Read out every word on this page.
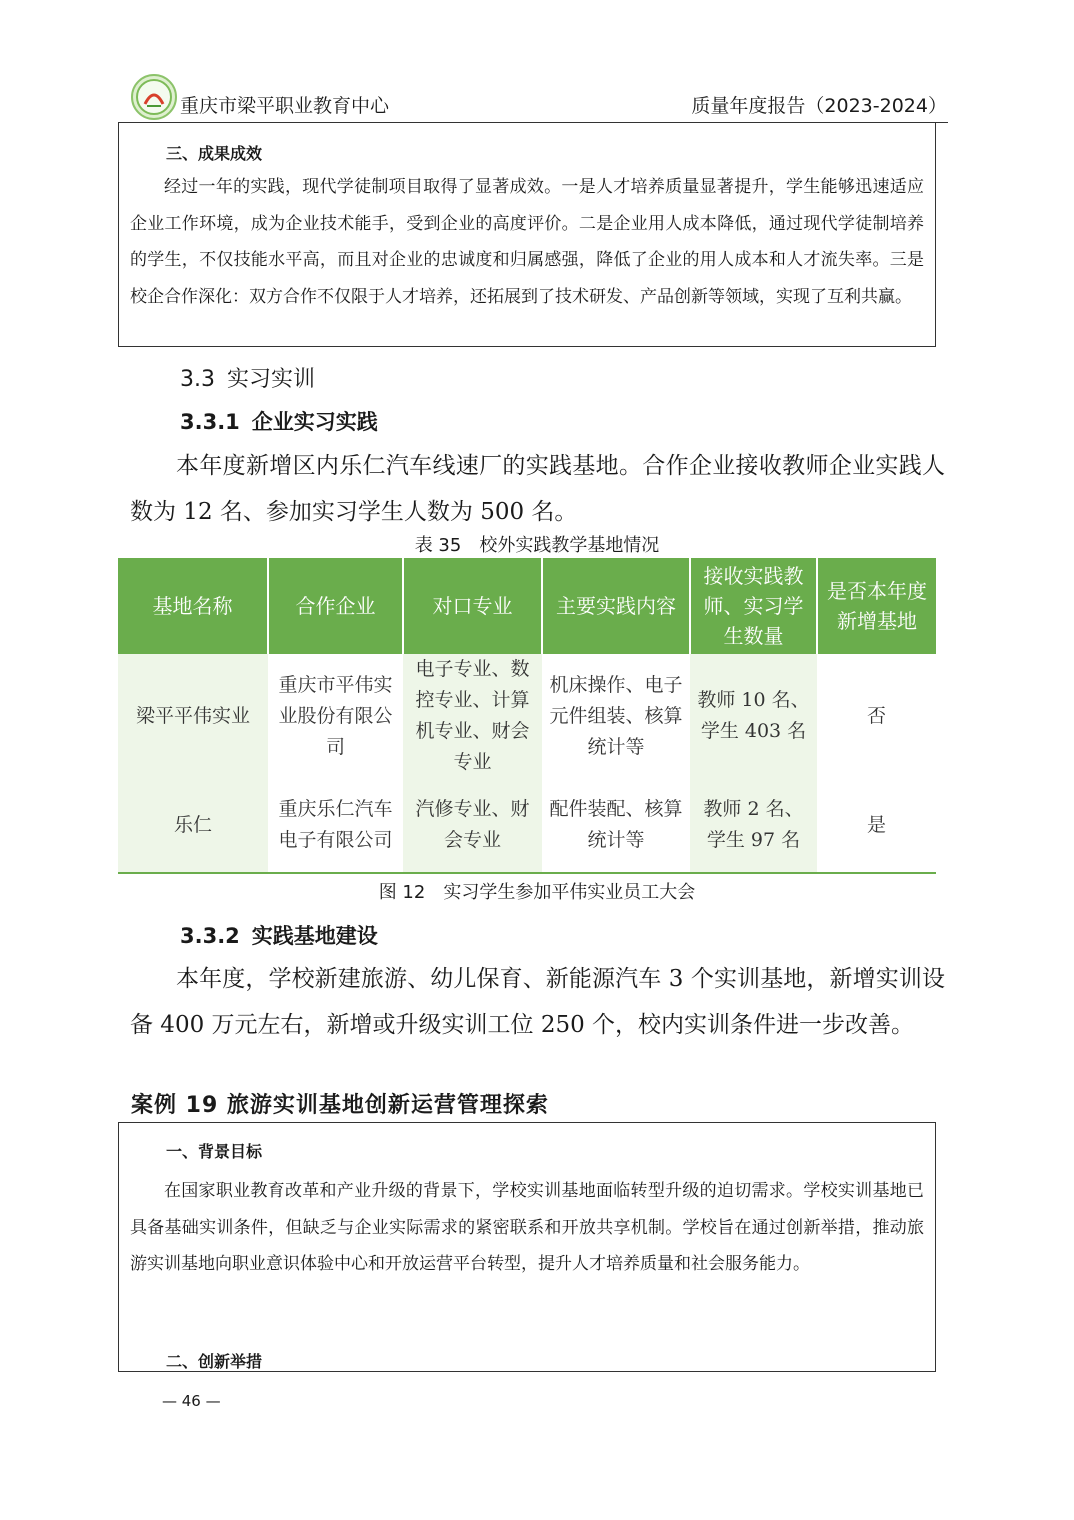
重庆市梁平职业教育中心	质量年度报告（2023-2024）
三、成果成效
经过一年的实践，现代学徒制项目取得了显著成效。一是人才培养质量显著提升，学生能够迅速适应企业工作环境，成为企业技术能手，受到企业的高度评价。二是企业用人成本降低，通过现代学徒制培养的学生，不仅技能水平高，而且对企业的忠诚度和归属感强，降低了企业的用人成本和人才流失率。三是校企合作深化：双方合作不仅限于人才培养，还拓展到了技术研发、产品创新等领域，实现了互利共赢。
3.3 实习实训
3.3.1 企业实习实践
本年度新增区内乐仁汽车线速厂的实践基地。合作企业接收教师企业实践人数为 12 名、参加实习学生人数为 500 名。
表 35　校外实践教学基地情况
基地名称	合作企业	对口专业	主要实践内容	接收实践教师、实习学生数量	是否本年度新增基地
梁平平伟实业	重庆市平伟实业股份有限公司	电子专业、数控专业、计算机专业、财会专业	机床操作、电子元件组装、核算统计等	教师 10 名、学生 403 名	否
乐仁	重庆乐仁汽车电子有限公司	汽修专业、财会专业	配件装配、核算统计等	教师 2 名、学生 97 名	是
图 12　实习学生参加平伟实业员工大会
3.3.2 实践基地建设
本年度，学校新建旅游、幼儿保育、新能源汽车 3 个实训基地，新增实训设备 400 万元左右，新增或升级实训工位 250 个，校内实训条件进一步改善。
案例 19 旅游实训基地创新运营管理探索
一、背景目标
在国家职业教育改革和产业升级的背景下，学校实训基地面临转型升级的迫切需求。学校实训基地已具备基础实训条件，但缺乏与企业实际需求的紧密联系和开放共享机制。学校旨在通过创新举措，推动旅游实训基地向职业意识体验中心和开放运营平台转型，提升人才培养质量和社会服务能力。
二、创新举措
— 46 —
